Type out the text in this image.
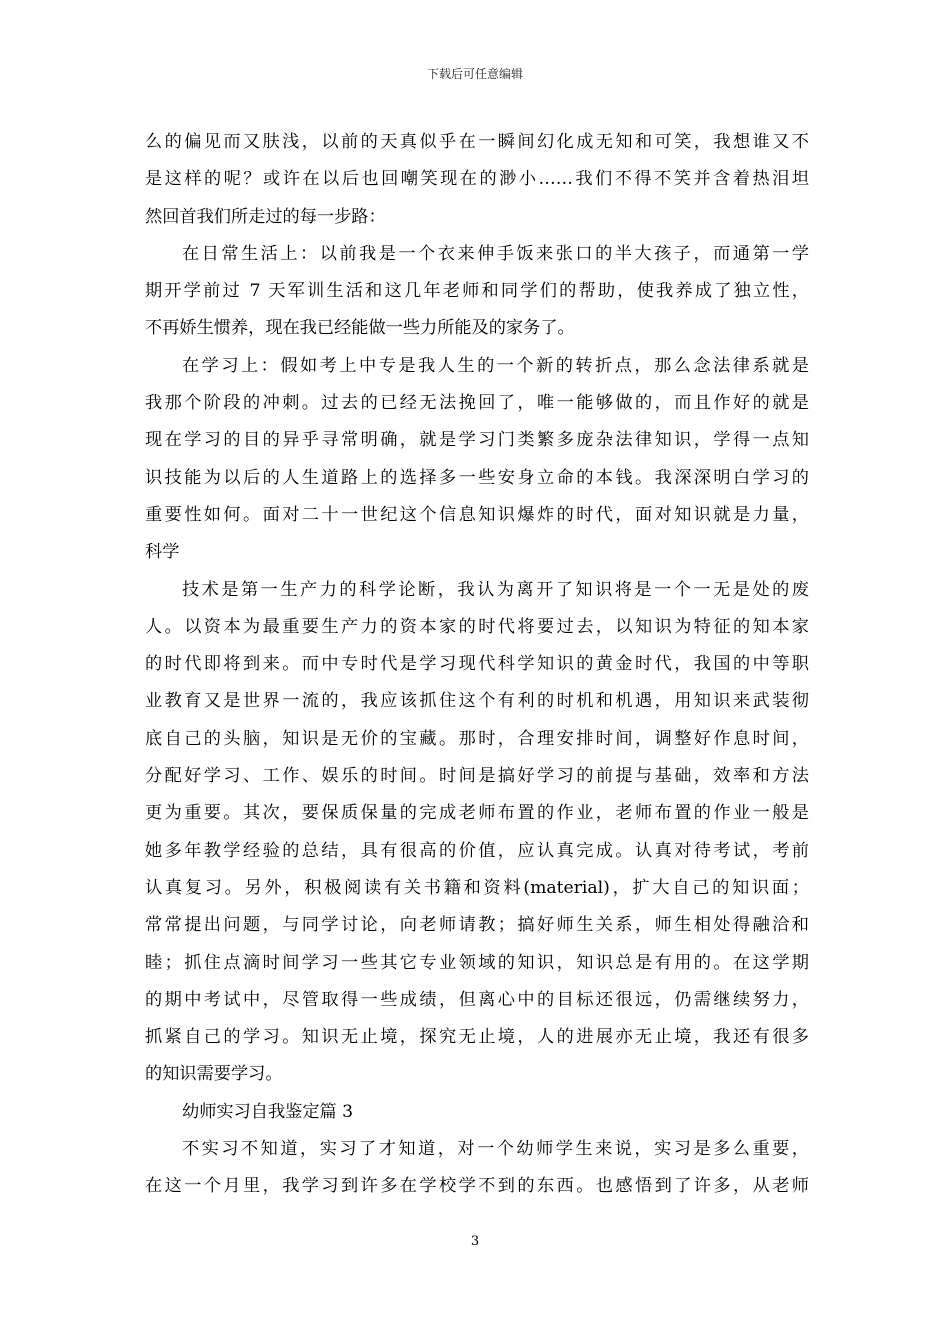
下载后可任意编辑
么的偏见而又肤浅，以前的天真似乎在一瞬间幻化成无知和可笑，我想谁又不
是这样的呢？或许在以后也回嘲笑现在的渺小……我们不得不笑并含着热泪坦
然回首我们所走过的每一步路：
在日常生活上：以前我是一个衣来伸手饭来张口的半大孩子，而通第一学
期开学前过 7 天军训生活和这几年老师和同学们的帮助，使我养成了独立性，
不再娇生惯养，现在我已经能做一些力所能及的家务了。
在学习上：假如考上中专是我人生的一个新的转折点，那么念法律系就是
我那个阶段的冲刺。过去的已经无法挽回了，唯一能够做的，而且作好的就是
现在学习的目的异乎寻常明确，就是学习门类繁多庞杂法律知识，学得一点知
识技能为以后的人生道路上的选择多一些安身立命的本钱。我深深明白学习的
重要性如何。面对二十一世纪这个信息知识爆炸的时代，面对知识就是力量，
科学
技术是第一生产力的科学论断，我认为离开了知识将是一个一无是处的废
人。以资本为最重要生产力的资本家的时代将要过去，以知识为特征的知本家
的时代即将到来。而中专时代是学习现代科学知识的黄金时代，我国的中等职
业教育又是世界一流的，我应该抓住这个有利的时机和机遇，用知识来武装彻
底自己的头脑，知识是无价的宝藏。那时，合理安排时间，调整好作息时间，
分配好学习、工作、娱乐的时间。时间是搞好学习的前提与基础，效率和方法
更为重要。其次，要保质保量的完成老师布置的作业，老师布置的作业一般是
她多年教学经验的总结，具有很高的价值，应认真完成。认真对待考试，考前
认真复习。另外，积极阅读有关书籍和资料(material)，扩大自己的知识面；
常常提出问题，与同学讨论，向老师请教；搞好师生关系，师生相处得融洽和
睦；抓住点滴时间学习一些其它专业领域的知识，知识总是有用的。在这学期
的期中考试中，尽管取得一些成绩，但离心中的目标还很远，仍需继续努力，
抓紧自己的学习。知识无止境，探究无止境，人的进展亦无止境，我还有很多
的知识需要学习。
幼师实习自我鉴定篇 3
不实习不知道，实习了才知道，对一个幼师学生来说，实习是多么重要，
在这一个月里，我学习到许多在学校学不到的东西。也感悟到了许多，从老师
3
